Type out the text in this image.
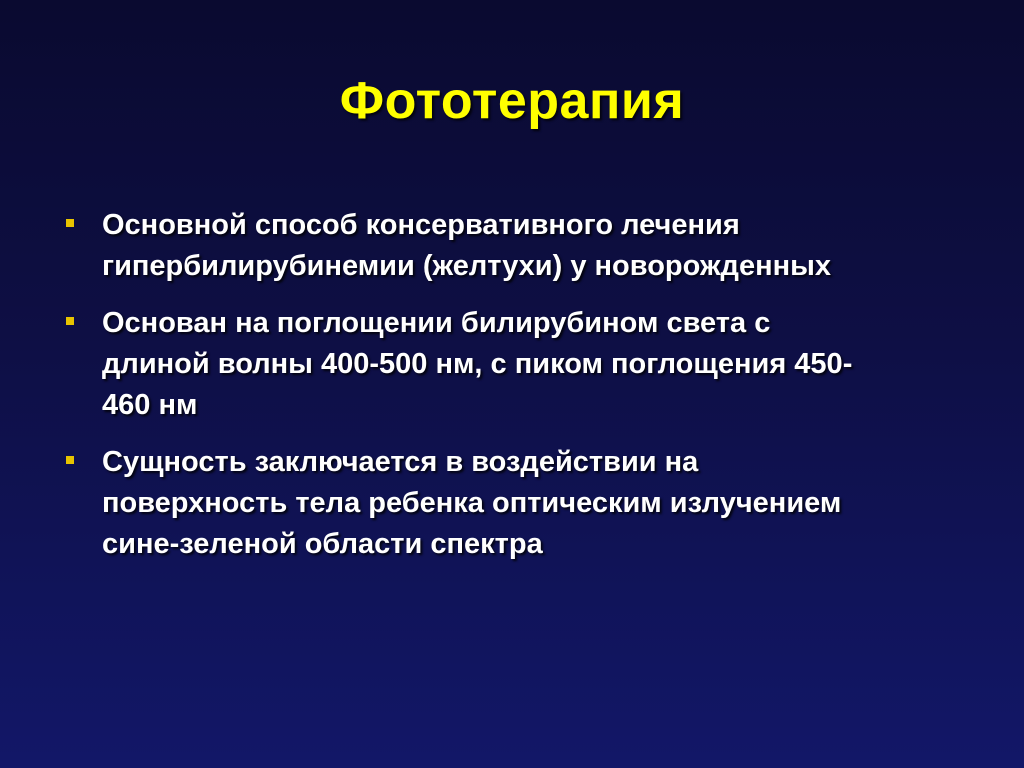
Фототерапия
Основной способ консервативного лечения
гипербилирубинемии (желтухи) у новорожденных
Основан на поглощении билирубином света с
длиной волны 400-500 нм, с пиком поглощения 450-
460 нм
Сущность заключается в воздействии на
поверхность тела ребенка оптическим излучением
сине-зеленой области спектра
